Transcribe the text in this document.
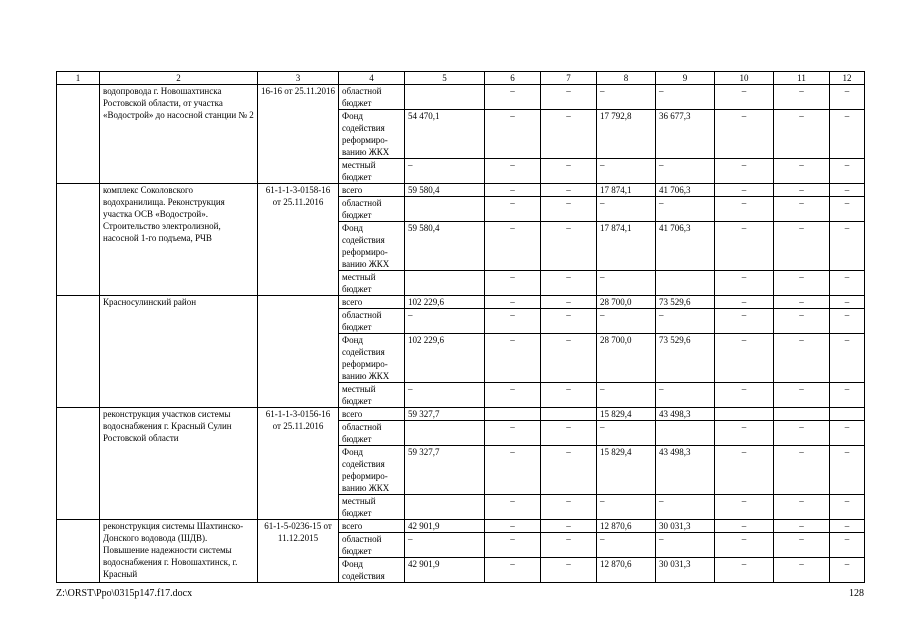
1	2	3	4	5	6	7	8	9	10	11	12
	водопровода г. Новошахтинска Ростовской области, от участка «Водострой» до насосной станции № 2	16-16 от 25.11.2016	областной бюджет		–	–	–	–	–	–	–
			Фонд содействия реформиро-ванию ЖКХ	54 470,1	–	–	17 792,8	36 677,3	–	–	–
			местный бюджет	–	–	–	–	–	–	–	–
	комплекс Соколовского водохранилища. Реконструкция участка ОСВ «Водострой». Строительство электролизной, насосной 1-го подъема, РЧВ	61-1-1-3-0158-16 от 25.11.2016	всего	59 580,4	–	–	17 874,1	41 706,3	–	–	–
			областной бюджет		–	–	–	–	–	–	–
			Фонд содействия реформиро-ванию ЖКХ	59 580,4	–	–	17 874,1	41 706,3	–	–	–
			местный бюджет		–	–	–		–	–	–
	Красносулинский район		всего	102 229,6	–	–	28 700,0	73 529,6	–	–	–
			областной бюджет	–	–	–	–	–	–	–	–
			Фонд содействия реформиро-ванию ЖКХ	102 229,6	–	–	28 700,0	73 529,6	–	–	–
			местный бюджет	–	–	–	–	–	–	–	–
	реконструкция участков системы водоснабжения г. Красный Сулин Ростовской области	61-1-1-3-0156-16 от 25.11.2016	всего	59 327,7			15 829,4	43 498,3			
			областной бюджет		–	–	–		–	–	–
			Фонд содействия реформиро-ванию ЖКХ	59 327,7	–	–	15 829,4	43 498,3	–	–	–
			местный бюджет		–	–	–	–	–	–	–
	реконструкция системы Шахтинско-Донского водовода (ШДВ). Повышение надежности системы водоснабжения г. Новошахтинск, г. Красный	61-1-5-0236-15 от 11.12.2015	всего	42 901,9	–	–	12 870,6	30 031,3	–	–	–
			областной бюджет	–	–	–	–	–	–	–	–
			Фонд содействия	42 901,9	–	–	12 870,6	30 031,3	–	–	–
Z:\ORST\Ppo\0315p147.f17.docx	128
